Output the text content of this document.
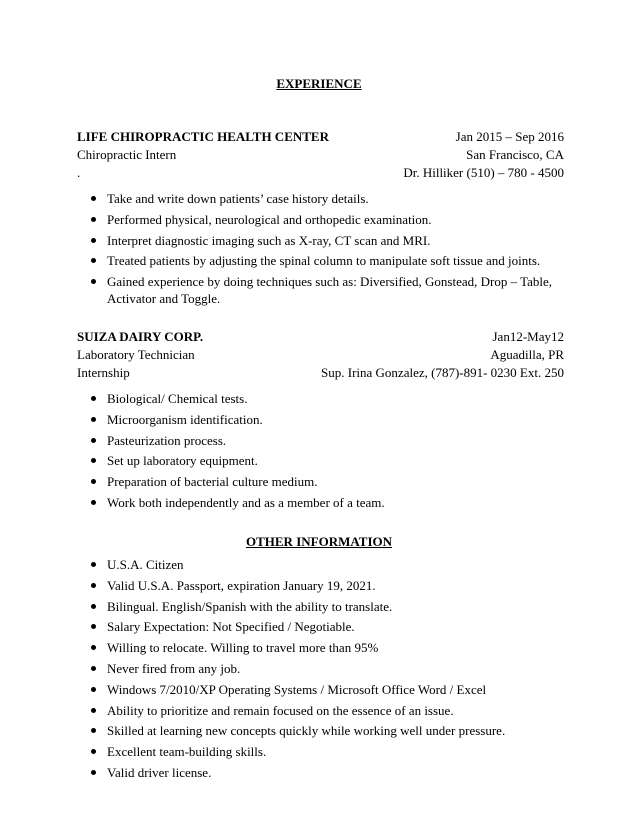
EXPERIENCE
LIFE CHIROPRACTIC HEALTH CENTER	Jan 2015 – Sep 2016
Chiropractic Intern	San Francisco, CA
.	Dr. Hilliker (510) – 780 - 4500
Take and write down patients’ case history details.
Performed physical, neurological and orthopedic examination.
Interpret diagnostic imaging such as X-ray, CT scan and MRI.
Treated patients by adjusting the spinal column to manipulate soft tissue and joints.
Gained experience by doing techniques such as: Diversified, Gonstead, Drop – Table, Activator and Toggle.
SUIZA DAIRY CORP.	Jan12-May12
Laboratory Technician	Aguadilla, PR
Internship	Sup. Irina Gonzalez, (787)-891- 0230 Ext. 250
Biological/ Chemical tests.
Microorganism identification.
Pasteurization process.
Set up laboratory equipment.
Preparation of bacterial culture medium.
Work both independently and as a member of a team.
OTHER INFORMATION
U.S.A. Citizen
Valid U.S.A. Passport, expiration January 19, 2021.
Bilingual. English/Spanish with the ability to translate.
Salary Expectation: Not Specified / Negotiable.
Willing to relocate. Willing to travel more than 95%
Never fired from any job.
Windows 7/2010/XP Operating Systems / Microsoft Office Word / Excel
Ability to prioritize and remain focused on the essence of an issue.
Skilled at learning new concepts quickly while working well under pressure.
Excellent team-building skills.
Valid driver license.
